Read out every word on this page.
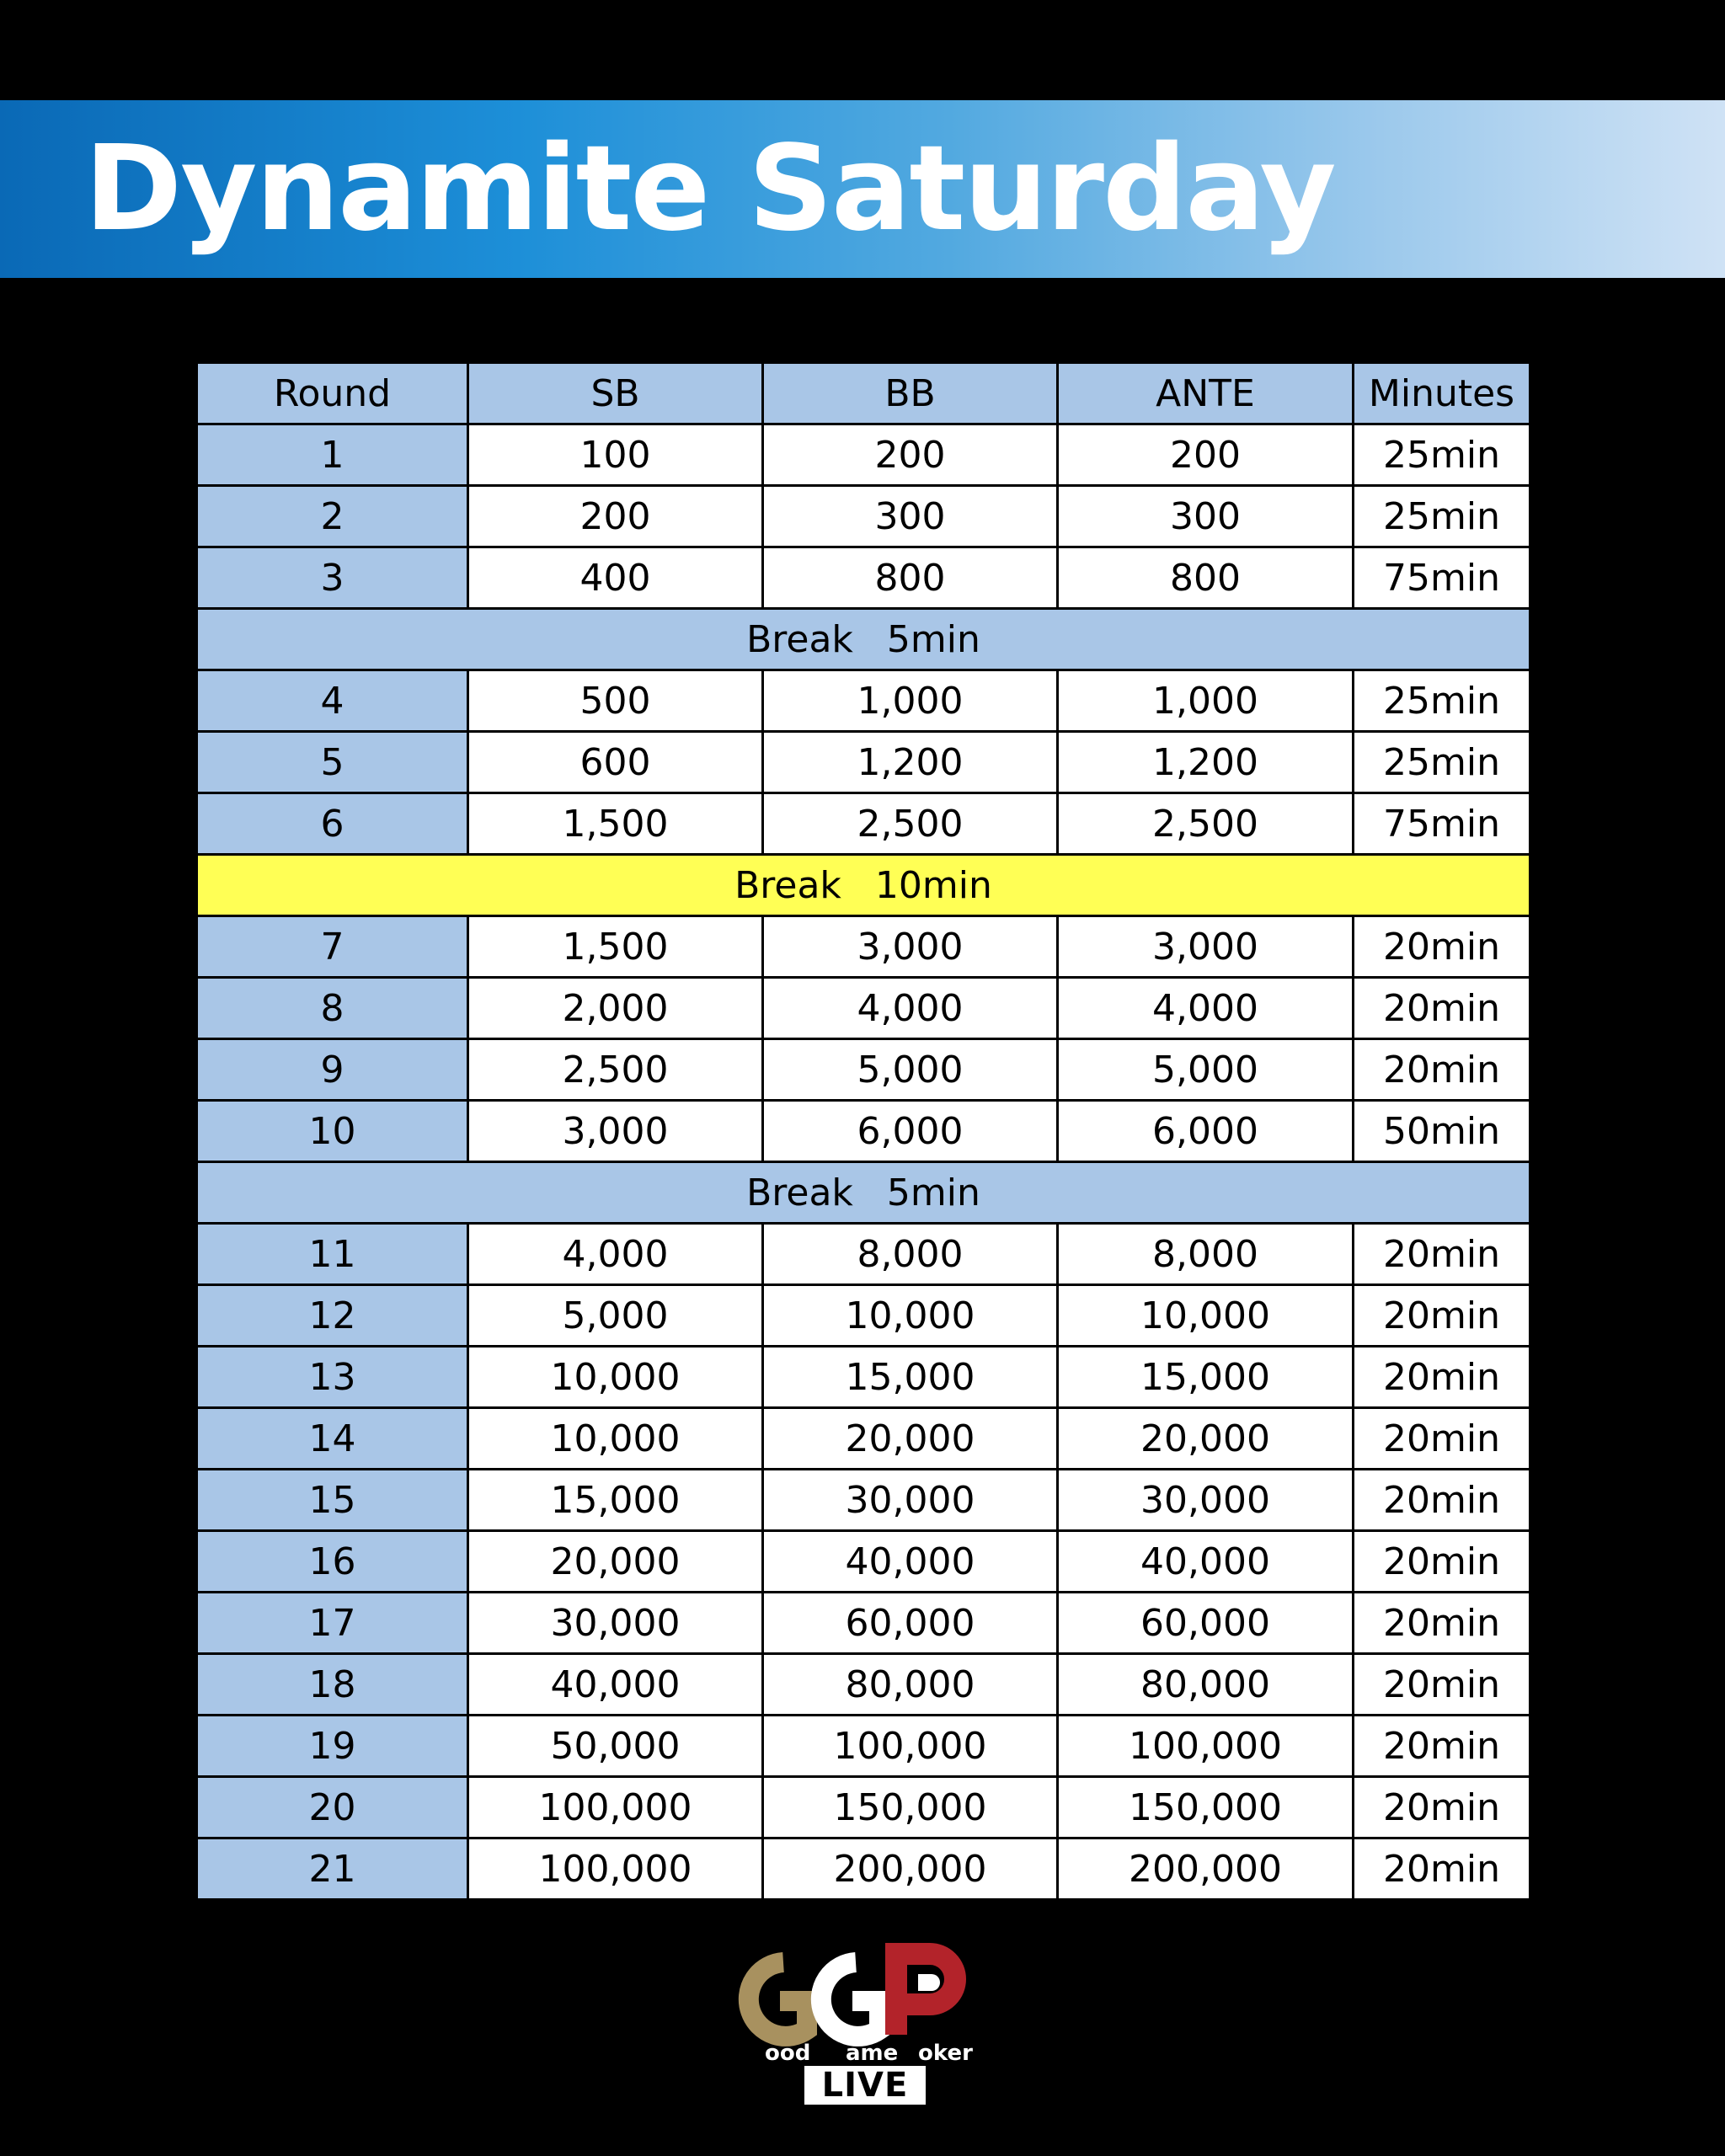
Dynamite Saturday
Round	SB	BB	ANTE	Minutes
1	100	200	200	25min
2	200	300	300	25min
3	400	800	800	75min
Break 5min				
4	500	1,000	1,000	25min
5	600	1,200	1,200	25min
6	1,500	2,500	2,500	75min
Break 10min				
7	1,500	3,000	3,000	20min
8	2,000	4,000	4,000	20min
9	2,500	5,000	5,000	20min
10	3,000	6,000	6,000	50min
Break 5min				
11	4,000	8,000	8,000	20min
12	5,000	10,000	10,000	20min
13	10,000	15,000	15,000	20min
14	10,000	20,000	20,000	20min
15	15,000	30,000	30,000	20min
16	20,000	40,000	40,000	20min
17	30,000	60,000	60,000	20min
18	40,000	80,000	80,000	20min
19	50,000	100,000	100,000	20min
20	100,000	150,000	150,000	20min
21	100,000	200,000	200,000	20min
ood ame oker
LIVE
